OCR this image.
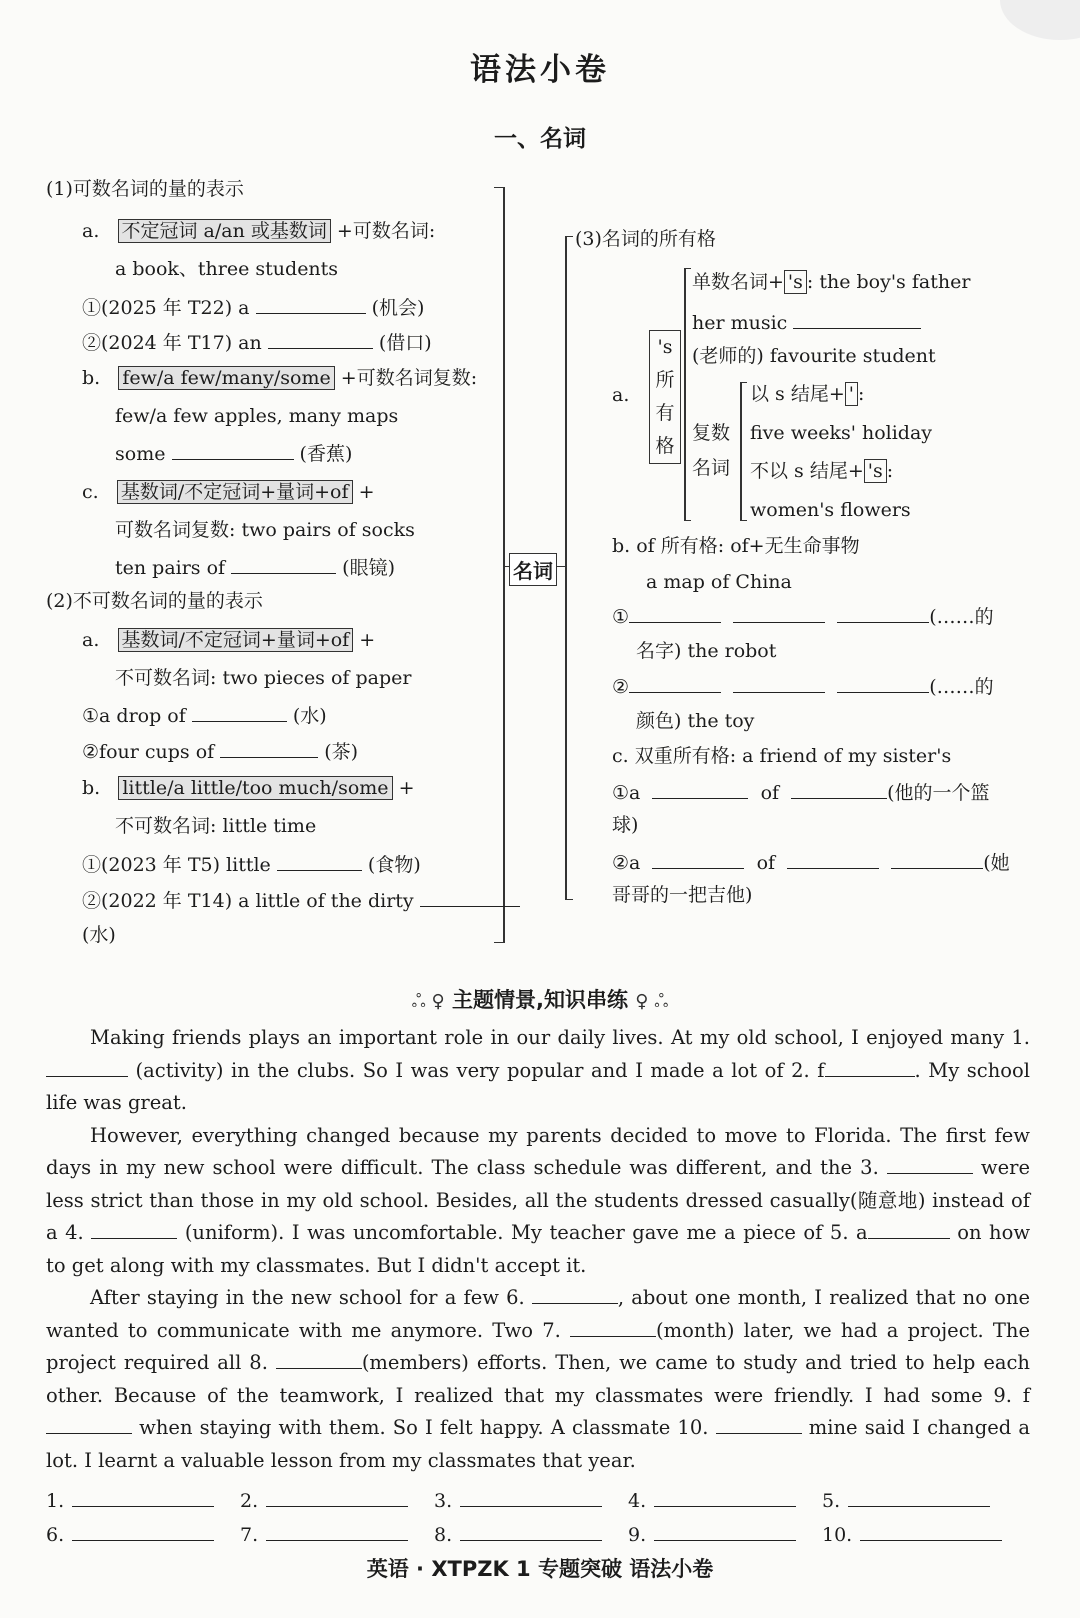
语法小卷
一、名词
名词
(1)可数名词的量的表示
a. 不定冠词 a/an 或基数词 +可数名词:
a book、three students
①(2025 年 T22) a	(机会)
②(2024 年 T17) an	(借口)
b. few/a few/many/some +可数名词复数:
few/a few apples, many maps
some	(香蕉)
c. 基数词/不定冠词+量词+of +
可数名词复数: two pairs of socks
ten pairs of	(眼镜)
(2)不可数名词的量的表示
a. 基数词/不定冠词+量词+of +
不可数名词: two pieces of paper
①a drop of	(水)
②four cups of	(茶)
b. little/a little/too much/some +
不可数名词: little time
①(2023 年 T5) little	(食物)
②(2022 年 T14) a little of the dirty
(水)
(3)名词的所有格
a.
's
所
有
格
单数名词+ 's : the boy's father
her music
(老师的) favourite student
复数
名词
以 s 结尾+ ' :
five weeks' holiday
不以 s 结尾+ 's :
women's flowers
b. of 所有格: of+无生命事物
a map of China
①	(……的
名字) the robot
②	(……的
颜色) the toy
c. 双重所有格: a friend of my sister's
①a	of	(他的一个篮
球)
②a	of	(她
哥哥的一把吉他)
ஃ ♀ 主题情景,知识串练 ♀ ஃ

Making friends plays an important role in our daily lives. At my old school, I enjoyed many 1.  (activity) in the clubs. So I was very popular and I made a lot of 2. f	. My school life was great.

However, everything changed because my parents decided to move to Florida. The first few days in my new school were difficult. The class schedule was different, and the 3.	were less strict than those in my old school. Besides, all the students dressed casually(随意地) instead of a 4.	(uniform). I was uncomfortable. My teacher gave me a piece of 5. a	on how to get along with my classmates. But I didn't accept it.

After staying in the new school for a few 6.	, about one month, I realized that no one wanted to communicate with me anymore. Two 7.	(month) later, we had a project. The project required all 8.	(members) efforts. Then, we came to study and tried to help each other. Because of the teamwork, I realized that my classmates were friendly. I had some 9. f when staying with them. So I felt happy. A classmate 10.	mine said I changed a lot. I learnt a valuable lesson from my classmates that year.

1.	2.	3.	4.	5.
6.	7.	8.	9.	10.
英语 · XTPZK 1 专题突破 语法小卷
